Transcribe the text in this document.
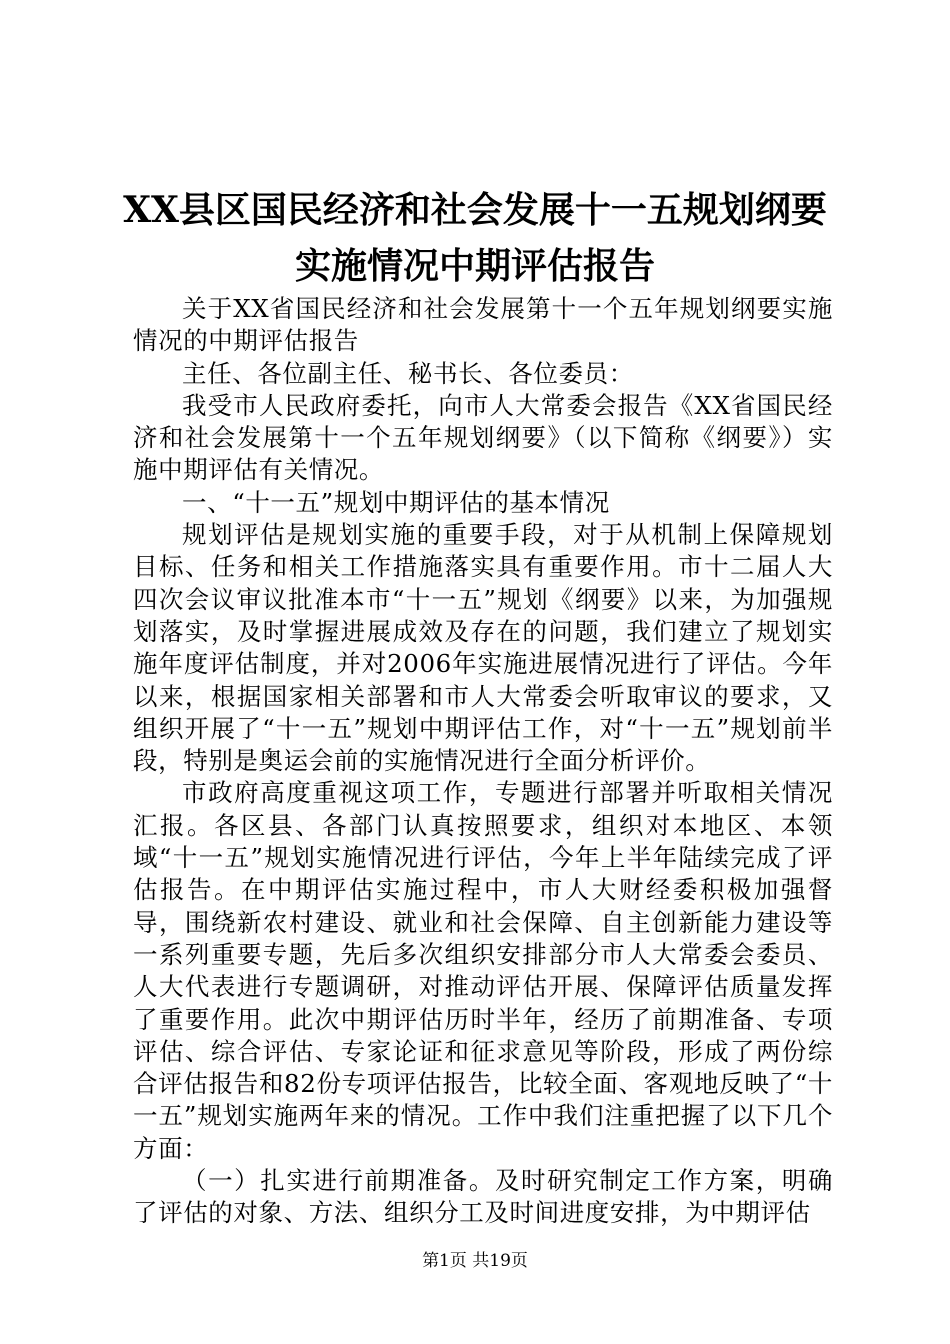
XX县区国民经济和社会发展十一五规划纲要
实施情况中期评估报告

关于XX省国民经济和社会发展第十一个五年规划纲要实施情况的中期评估报告

主任、各位副主任、秘书长、各位委员：

我受市人民政府委托，向市人大常委会报告《XX省国民经济和社会发展第十一个五年规划纲要》（以下简称《纲要》）实施中期评估有关情况。

一、“十一五”规划中期评估的基本情况

规划评估是规划实施的重要手段，对于从机制上保障规划目标、任务和相关工作措施落实具有重要作用。市十二届人大四次会议审议批准本市“十一五”规划《纲要》以来，为加强规划落实，及时掌握进展成效及存在的问题，我们建立了规划实施年度评估制度，并对2006年实施进展情况进行了评估。今年以来，根据国家相关部署和市人大常委会听取审议的要求，又组织开展了“十一五”规划中期评估工作，对“十一五”规划前半段，特别是奥运会前的实施情况进行全面分析评价。

市政府高度重视这项工作，专题进行部署并听取相关情况汇报。各区县、各部门认真按照要求，组织对本地区、本领域“十一五”规划实施情况进行评估，今年上半年陆续完成了评估报告。在中期评估实施过程中，市人大财经委积极加强督导，围绕新农村建设、就业和社会保障、自主创新能力建设等一系列重要专题，先后多次组织安排部分市人大常委会委员、人大代表进行专题调研，对推动评估开展、保障评估质量发挥了重要作用。此次中期评估历时半年，经历了前期准备、专项评估、综合评估、专家论证和征求意见等阶段，形成了两份综合评估报告和82份专项评估报告，比较全面、客观地反映了“十一五”规划实施两年来的情况。工作中我们注重把握了以下几个方面：

（一）扎实进行前期准备。及时研究制定工作方案，明确了评估的对象、方法、组织分工及时间进度安排，为中期评估

第1页 共19页
